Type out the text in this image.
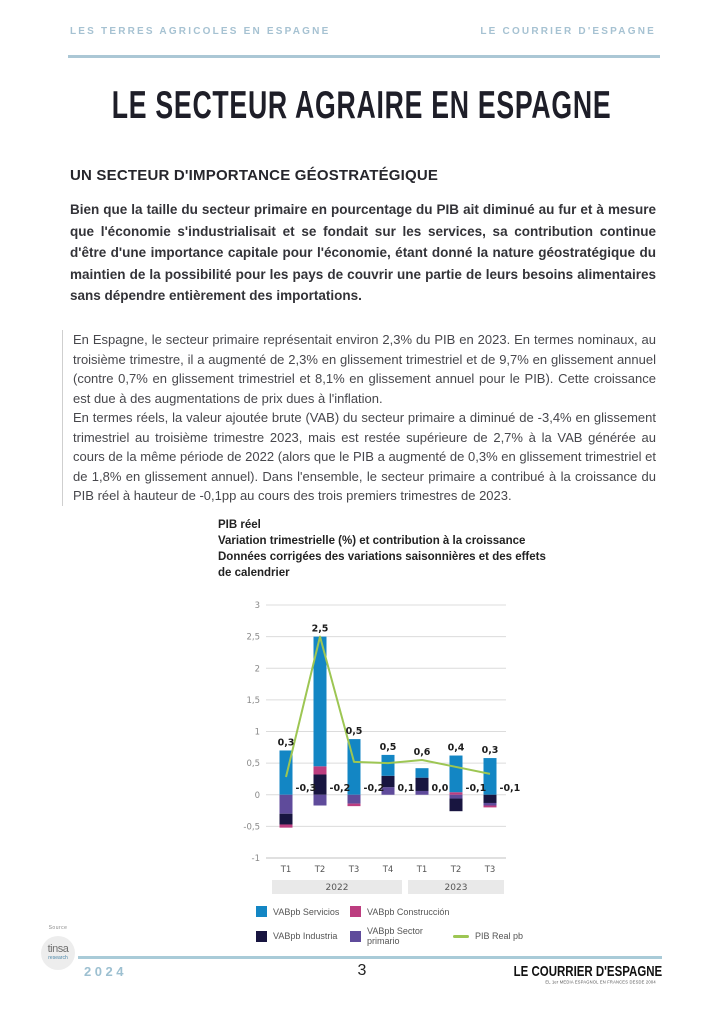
LES TERRES AGRICOLES EN ESPAGNE	LE COURRIER D'ESPAGNE
LE SECTEUR AGRAIRE EN ESPAGNE
UN SECTEUR D'IMPORTANCE GÉOSTRATÉGIQUE
Bien que la taille du secteur primaire en pourcentage du PIB ait diminué au fur et à mesure que l'économie s'industrialisait et se fondait sur les services, sa contribution continue d'être d'une importance capitale pour l'économie, étant donné la nature géostratégique du maintien de la possibilité pour les pays de couvrir une partie de leurs besoins alimentaires sans dépendre entièrement des importations.

En Espagne, le secteur primaire représentait environ 2,3% du PIB en 2023. En termes nominaux, au troisième trimestre, il a augmenté de 2,3% en glissement trimestriel et de 9,7% en glissement annuel (contre 0,7% en glissement trimestriel et 8,1% en glissement annuel pour le PIB). Cette croissance est due à des augmentations de prix dues à l'inflation.

En termes réels, la valeur ajoutée brute (VAB) du secteur primaire a diminué de -3,4% en glissement trimestriel au troisième trimestre 2023, mais est restée supérieure de 2,7% à la VAB générée au cours de la même période de 2022 (alors que le PIB a augmenté de 0,3% en glissement trimestriel et de 1,8% en glissement annuel). Dans l'ensemble, le secteur primaire a contribué à la croissance du PIB réel à hauteur de -0,1pp au cours des trois premiers trimestres de 2023.

PIB réel
Variation trimestrielle (%) et contribution à la croissance
Données corrigées des variations saisonnières et des effets
de calendrier
3
2,5
2
1,5
1
0,5
0
-0,5
-1
T1	T2	T3	T4	T1	T2	T3
0,3
-0,3
2,5
-0,2
0,5
-0,2
0,5
0,1
0,6
0,0
0,4
-0,1
0,3
-0,1
2022	2023
VABpb Servicios	VABpb Construcción
VABpb Industria	VABpb Sector primario	PIB Real pb
Source
tinsa
research
2024	3	LE COURRIER D'ESPAGNE
EL 1er MEDIA ESPAGNOL EN FRANCÉS DESDE 2004
